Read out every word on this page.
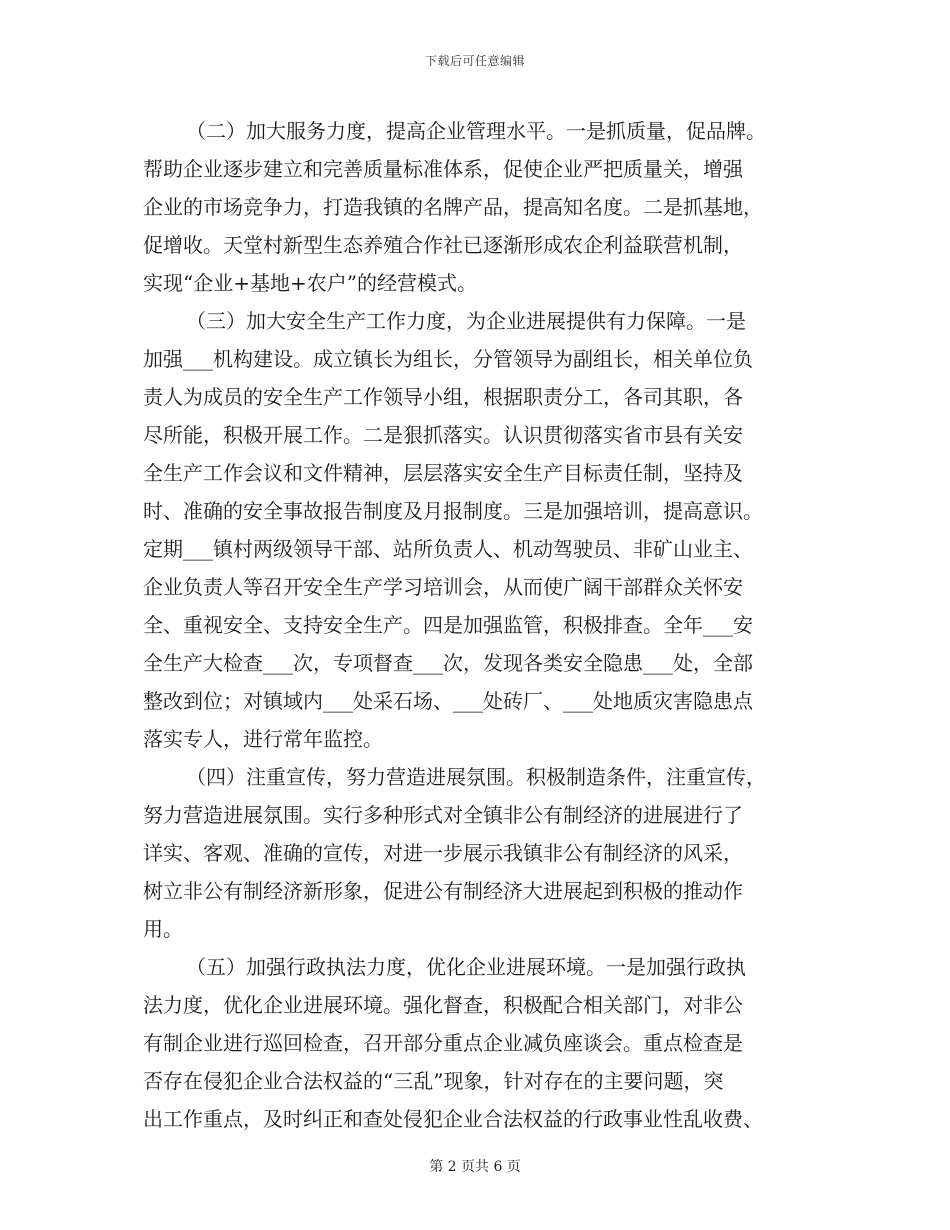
下载后可任意编辑
（二）加大服务力度，提高企业管理水平。一是抓质量，促品牌。
帮助企业逐步建立和完善质量标准体系，促使企业严把质量关，增强
企业的市场竞争力，打造我镇的名牌产品，提高知名度。二是抓基地，
促增收。天堂村新型生态养殖合作社已逐渐形成农企利益联营机制，
实现“企业+基地+农户”的经营模式。
（三）加大安全生产工作力度，为企业进展提供有力保障。一是
加强___机构建设。成立镇长为组长，分管领导为副组长，相关单位负
责人为成员的安全生产工作领导小组，根据职责分工，各司其职，各
尽所能，积极开展工作。二是狠抓落实。认识贯彻落实省市县有关安
全生产工作会议和文件精神，层层落实安全生产目标责任制，坚持及
时、准确的安全事故报告制度及月报制度。三是加强培训，提高意识。
定期___镇村两级领导干部、站所负责人、机动驾驶员、非矿山业主、
企业负责人等召开安全生产学习培训会，从而使广阔干部群众关怀安
全、重视安全、支持安全生产。四是加强监管，积极排查。全年___安
全生产大检查___次，专项督查___次，发现各类安全隐患___处，全部
整改到位；对镇域内___处采石场、___处砖厂、___处地质灾害隐患点
落实专人，进行常年监控。
（四）注重宣传，努力营造进展氛围。积极制造条件，注重宣传，
努力营造进展氛围。实行多种形式对全镇非公有制经济的进展进行了
详实、客观、准确的宣传，对进一步展示我镇非公有制经济的风采，
树立非公有制经济新形象，促进公有制经济大进展起到积极的推动作
用。
（五）加强行政执法力度，优化企业进展环境。一是加强行政执
法力度，优化企业进展环境。强化督查，积极配合相关部门，对非公
有制企业进行巡回检查，召开部分重点企业减负座谈会。重点检查是
否存在侵犯企业合法权益的“三乱”现象，针对存在的主要问题，突
出工作重点，及时纠正和查处侵犯企业合法权益的行政事业性乱收费、
第 2 页共 6 页
